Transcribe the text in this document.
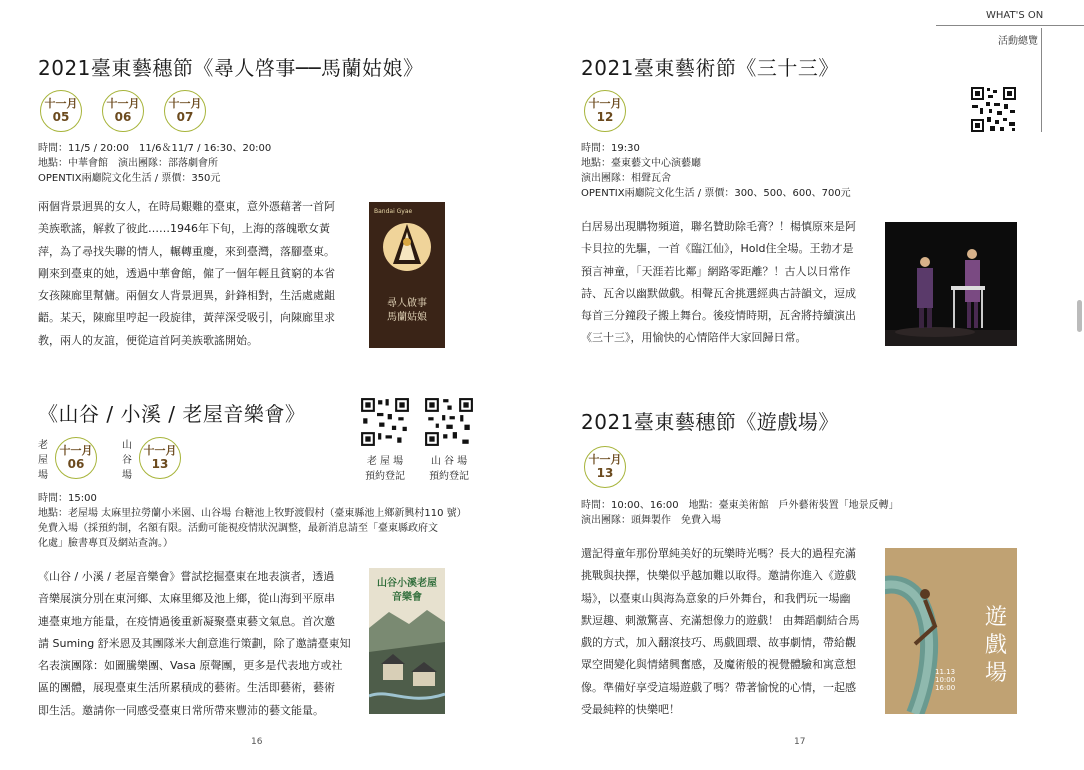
WHAT'S ON
活動總覽
2021臺東藝穗節《尋人啓事──馬蘭姑娘》
十一月
05
十一月
06
十一月
07
時間：11/5 / 20:00　11/6＆11/7 / 16:30、20:00
地點：中華會館　演出團隊：部落劇會所
OPENTIX兩廳院文化生活 / 票價：350元
兩個背景迥異的女人，在時局艱難的臺東，意外憑藉著一首阿
美族歌謠，解救了彼此……1946年下旬，上海的落魄歌女黃
萍，為了尋找失聯的情人，輾轉重慶，來到臺灣，落腳臺東。
剛來到臺東的她，透過中華會館，僱了一個年輕且貧窮的本省
女孩陳廊里幫傭。兩個女人背景迥異，針鋒相對，生活處處齟
齬。某天，陳廊里哼起一段旋律，黃萍深受吸引，向陳廊里求
教，兩人的友誼，便從這首阿美族歌謠開始。
Bandai Gyae
尋人啟事
馬蘭姑娘
2021臺東藝術節《三十三》
十一月
12
時間：19:30
地點：臺東藝文中心演藝廳
演出團隊：相聲瓦舍
OPENTIX兩廳院文化生活 / 票價：300、500、600、700元
白居易出現購物頻道，聯名贊助除毛膏？！楊慎原來是阿
卡貝拉的先驅，一首《臨江仙》，Hold住全場。王勃才是
預言神童，「天涯若比鄰」網路零距離？！古人以日常作
詩、瓦舍以幽默做戲。相聲瓦舍挑選經典古詩韻文，逗成
每首三分鐘段子搬上舞台。後疫情時期，瓦舍將持續演出
《三十三》，用愉快的心情陪伴大家回歸日常。
《山谷 / 小溪 / 老屋音樂會》
老
屋
場
十一月
06
山
谷
場
十一月
13	老 屋 場
預約登記
山 谷 場
預約登記
時間：15:00
地點：老屋場 太麻里拉勞蘭小米園、山谷場 台糖池上牧野渡假村（臺東縣池上鄉新興村110 號）
免費入場（採預約制，名額有限。活動可能視疫情狀況調整，最新消息請至「臺東縣政府文
化處」臉書專頁及網站查詢。）
《山谷 / 小溪 / 老屋音樂會》嘗試挖掘臺東在地表演者，透過
音樂展演分別在東河鄉、太麻里鄉及池上鄉，從山海到平原串
連臺東地方能量，在疫情過後重新凝聚臺東藝文氣息。首次邀
請 Suming 舒米恩及其團隊米大創意進行策劃，除了邀請臺東知
名表演團隊：如圖騰樂團、Vasa 原聲團，更多是代表地方或社
區的團體，展現臺東生活所累積成的藝術。生活即藝術，藝術
即生活。邀請你一同感受臺東日常所帶來豐沛的藝文能量。
山谷小溪老屋
音樂會
2021臺東藝穗節《遊戲場》
十一月
13
時間：10:00、16:00　地點：臺東美術館　戶外藝術裝置「地景反轉」
演出團隊：頭舞製作　免費入場
還記得童年那份單純美好的玩樂時光嗎？長大的過程充滿
挑戰與抉擇，快樂似乎越加難以取得。邀請你進入《遊戲
場》，以臺東山與海為意象的戶外舞台，和我們玩一場幽
默逗趣、刺激驚喜、充滿想像力的遊戲！ 由舞蹈劇結合馬
戲的方式，加入翻滾技巧、馬戲圓環、故事劇情，帶給觀
眾空間變化與情緒興奮感，及魔術般的視覺體驗和寓意想
像。準備好享受這場遊戲了嗎？帶著愉悅的心情，一起感
受最純粹的快樂吧！
遊戲場
11.13 10:00 16:00
16	17
